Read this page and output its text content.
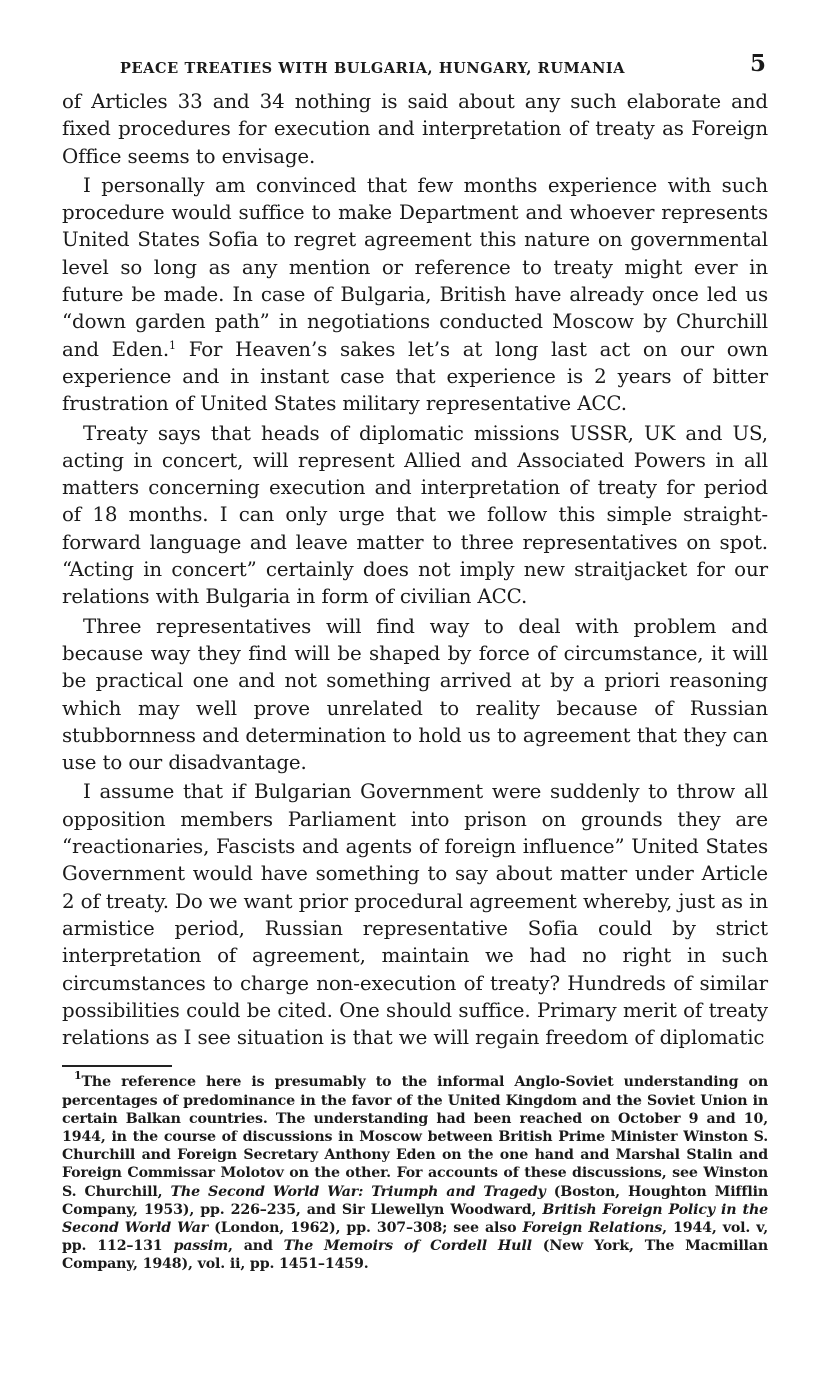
PEACE TREATIES WITH BULGARIA, HUNGARY, RUMANIA	5

of Articles 33 and 34 nothing is said about any such elaborate and fixed procedures for execution and interpretation of treaty as Foreign Office seems to envisage.

I personally am convinced that few months experience with such procedure would suffice to make Department and whoever represents United States Sofia to regret agreement this nature on governmental level so long as any mention or reference to treaty might ever in future be made. In case of Bulgaria, British have already once led us “down garden path” in negotiations conducted Moscow by Churchill and Eden.$^1$ For Heaven’s sakes let’s at long last act on our own experience and in instant case that experience is 2 years of bitter frustration of United States military representative ACC.

Treaty says that heads of diplomatic missions USSR, UK and US, acting in concert, will represent Allied and Associated Powers in all matters concerning execution and interpretation of treaty for period of 18 months. I can only urge that we follow this simple straight-forward language and leave matter to three representatives on spot. “Acting in concert” certainly does not imply new straitjacket for our relations with Bulgaria in form of civilian ACC.

Three representatives will find way to deal with problem and because way they find will be shaped by force of circumstance, it will be practical one and not something arrived at by a priori reasoning which may well prove unrelated to reality because of Russian stubbornness and determination to hold us to agreement that they can use to our disadvantage.

I assume that if Bulgarian Government were suddenly to throw all opposition members Parliament into prison on grounds they are “reactionaries, Fascists and agents of foreign influence” United States Government would have something to say about matter under Article 2 of treaty. Do we want prior procedural agreement whereby, just as in armistice period, Russian representative Sofia could by strict interpretation of agreement, maintain we had no right in such circumstances to charge non-execution of treaty? Hundreds of similar possibilities could be cited. One should suffice. Primary merit of treaty relations as I see situation is that we will regain freedom of diplomatic

$^1$The reference here is presumably to the informal Anglo-Soviet understanding on percentages of predominance in the favor of the United Kingdom and the Soviet Union in certain Balkan countries. The understanding had been reached on October 9 and 10, 1944, in the course of discussions in Moscow between British Prime Minister Winston S. Churchill and Foreign Secretary Anthony Eden on the one hand and Marshal Stalin and Foreign Commissar Molotov on the other. For accounts of these discussions, see Winston S. Churchill, The Second World War: Triumph and Tragedy (Boston, Houghton Mifflin Company, 1953), pp. 226–235, and Sir Llewellyn Woodward, British Foreign Policy in the Second World War (London, 1962), pp. 307–308; see also Foreign Relations, 1944, vol. v, pp. 112–131 passim, and The Memoirs of Cordell Hull (New York, The Macmillan Company, 1948), vol. ii, pp. 1451–1459.
